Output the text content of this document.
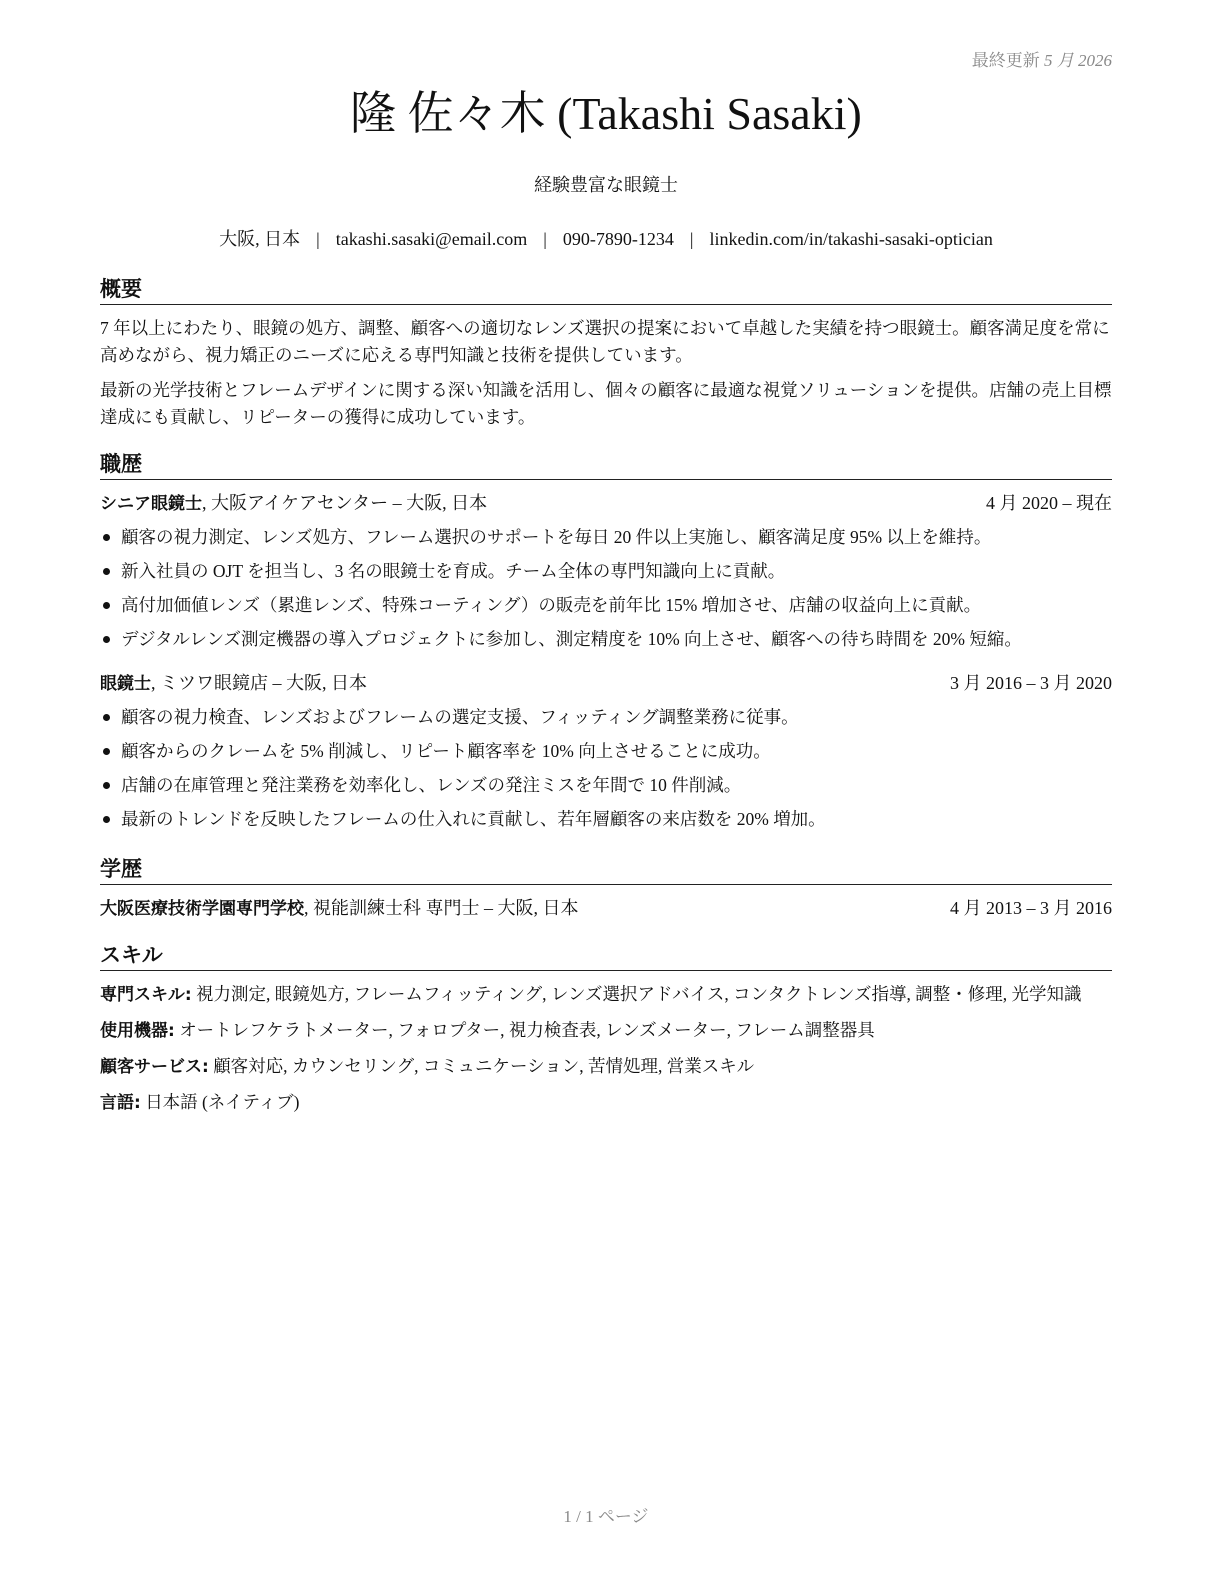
最終更新 5 月 2026
隆 佐々木 (Takashi Sasaki)
経験豊富な眼鏡士
大阪, 日本 | takashi.sasaki@email.com | 090-7890-1234 | linkedin.com/in/takashi-sasaki-optician
概要

7 年以上にわたり、眼鏡の処方、調整、顧客への適切なレンズ選択の提案において卓越した実績を持つ眼鏡士。顧客満足度を常に高めながら、視力矯正のニーズに応える専門知識と技術を提供しています。

最新の光学技術とフレームデザインに関する深い知識を活用し、個々の顧客に最適な視覚ソリューションを提供。店舗の売上目標達成にも貢献し、リピーターの獲得に成功しています。

職歴
シニア眼鏡士, 大阪アイケアセンター – 大阪, 日本	4 月 2020 – 現在
顧客の視力測定、レンズ処方、フレーム選択のサポートを毎日 20 件以上実施し、顧客満足度 95% 以上を維持。
新入社員の OJT を担当し、3 名の眼鏡士を育成。チーム全体の専門知識向上に貢献。
高付加価値レンズ（累進レンズ、特殊コーティング）の販売を前年比 15% 増加させ、店舗の収益向上に貢献。
デジタルレンズ測定機器の導入プロジェクトに参加し、測定精度を 10% 向上させ、顧客への待ち時間を 20% 短縮。
眼鏡士, ミツワ眼鏡店 – 大阪, 日本	3 月 2016 – 3 月 2020
顧客の視力検査、レンズおよびフレームの選定支援、フィッティング調整業務に従事。
顧客からのクレームを 5% 削減し、リピート顧客率を 10% 向上させることに成功。
店舗の在庫管理と発注業務を効率化し、レンズの発注ミスを年間で 10 件削減。
最新のトレンドを反映したフレームの仕入れに貢献し、若年層顧客の来店数を 20% 増加。
学歴
大阪医療技術学園専門学校, 視能訓練士科 専門士 – 大阪, 日本	4 月 2013 – 3 月 2016
スキル
専門スキル: 視力測定, 眼鏡処方, フレームフィッティング, レンズ選択アドバイス, コンタクトレンズ指導, 調整・修理, 光学知識
使用機器: オートレフケラトメーター, フォロプター, 視力検査表, レンズメーター, フレーム調整器具
顧客サービス: 顧客対応, カウンセリング, コミュニケーション, 苦情処理, 営業スキル
言語: 日本語 (ネイティブ)
1 / 1 ページ
